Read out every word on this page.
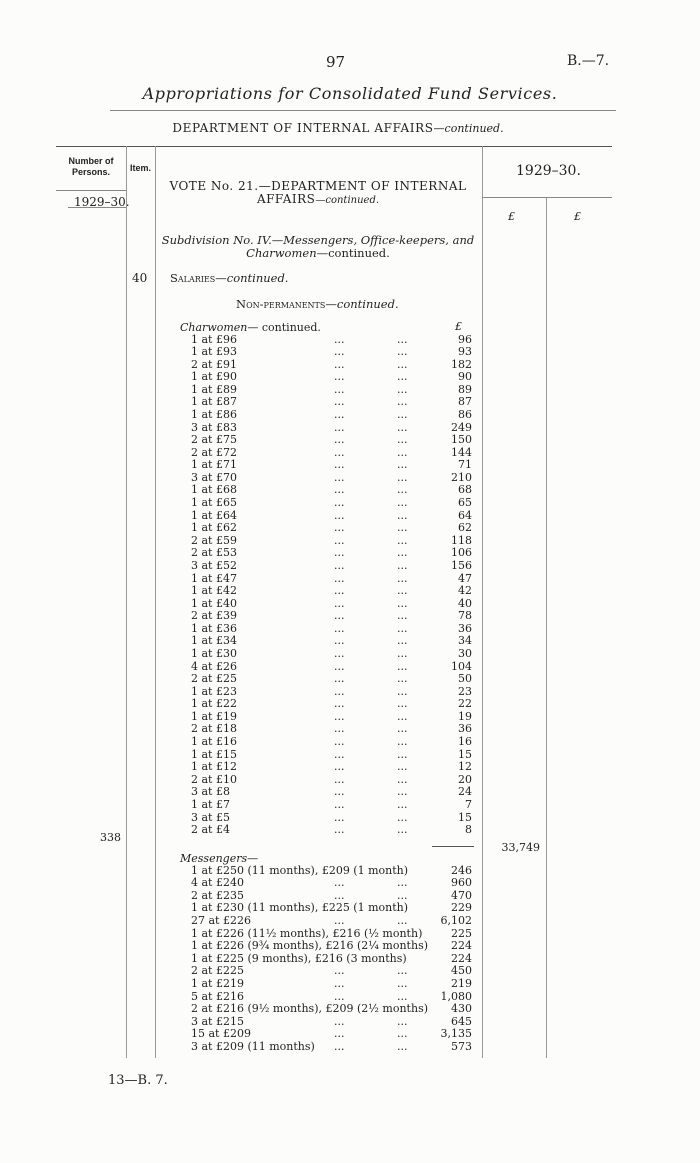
97	B.—7.
Appropriations for Consolidated Fund Services.
DEPARTMENT OF INTERNAL AFFAIRS—continued.
Number of Persons.	Item.
1929–30.
1929–30.
£	£
VOTE No. 21.—DEPARTMENT OF INTERNAL AFFAIRS—continued.
Subdivision No. IV.—Messengers, Office-keepers, and Charwomen—continued.
40 Salaries—continued.
Non-permanents—continued.
Charwomen— continued.	£
1 at £96	...	...	96
1 at £93	...	...	93
2 at £91	...	...	182
1 at £90	...	...	90
1 at £89	...	...	89
1 at £87	...	...	87
1 at £86	...	...	86
3 at £83	...	...	249
2 at £75	...	...	150
2 at £72	...	...	144
1 at £71	...	...	71
3 at £70	...	...	210
1 at £68	...	...	68
1 at £65	...	...	65
1 at £64	...	...	64
1 at £62	...	...	62
2 at £59	...	...	118
2 at £53	...	...	106
3 at £52	...	...	156
1 at £47	...	...	47
1 at £42	...	...	42
1 at £40	...	...	40
2 at £39	...	...	78
1 at £36	...	...	36
1 at £34	...	...	34
1 at £30	...	...	30
4 at £26	...	...	104
2 at £25	...	...	50
1 at £23	...	...	23
1 at £22	...	...	22
1 at £19	...	...	19
2 at £18	...	...	36
1 at £16	...	...	16
1 at £15	...	...	15
1 at £12	...	...	12
2 at £10	...	...	20
3 at £8	...	...	24
1 at £7	...	...	7
3 at £5	...	...	15
2 at £4	...	...	8
338
33,749
Messengers—
1 at £250 (11 months), £209 (1 month)	246
4 at £240	...	...	960
2 at £235	...	...	470
1 at £230 (11 months), £225 (1 month)	229
27 at £226	...	...	6,102
1 at £226 (11½ months), £216 (½ month)	225
1 at £226 (9¾ months), £216 (2¼ months)	224
1 at £225 (9 months), £216 (3 months)	224
2 at £225	...	...	450
1 at £219	...	...	219
5 at £216	...	...	1,080
2 at £216 (9½ months), £209 (2½ months)	430
3 at £215	...	...	645
15 at £209	...	...	3,135
3 at £209 (11 months) ...	...	573
13—B. 7.
